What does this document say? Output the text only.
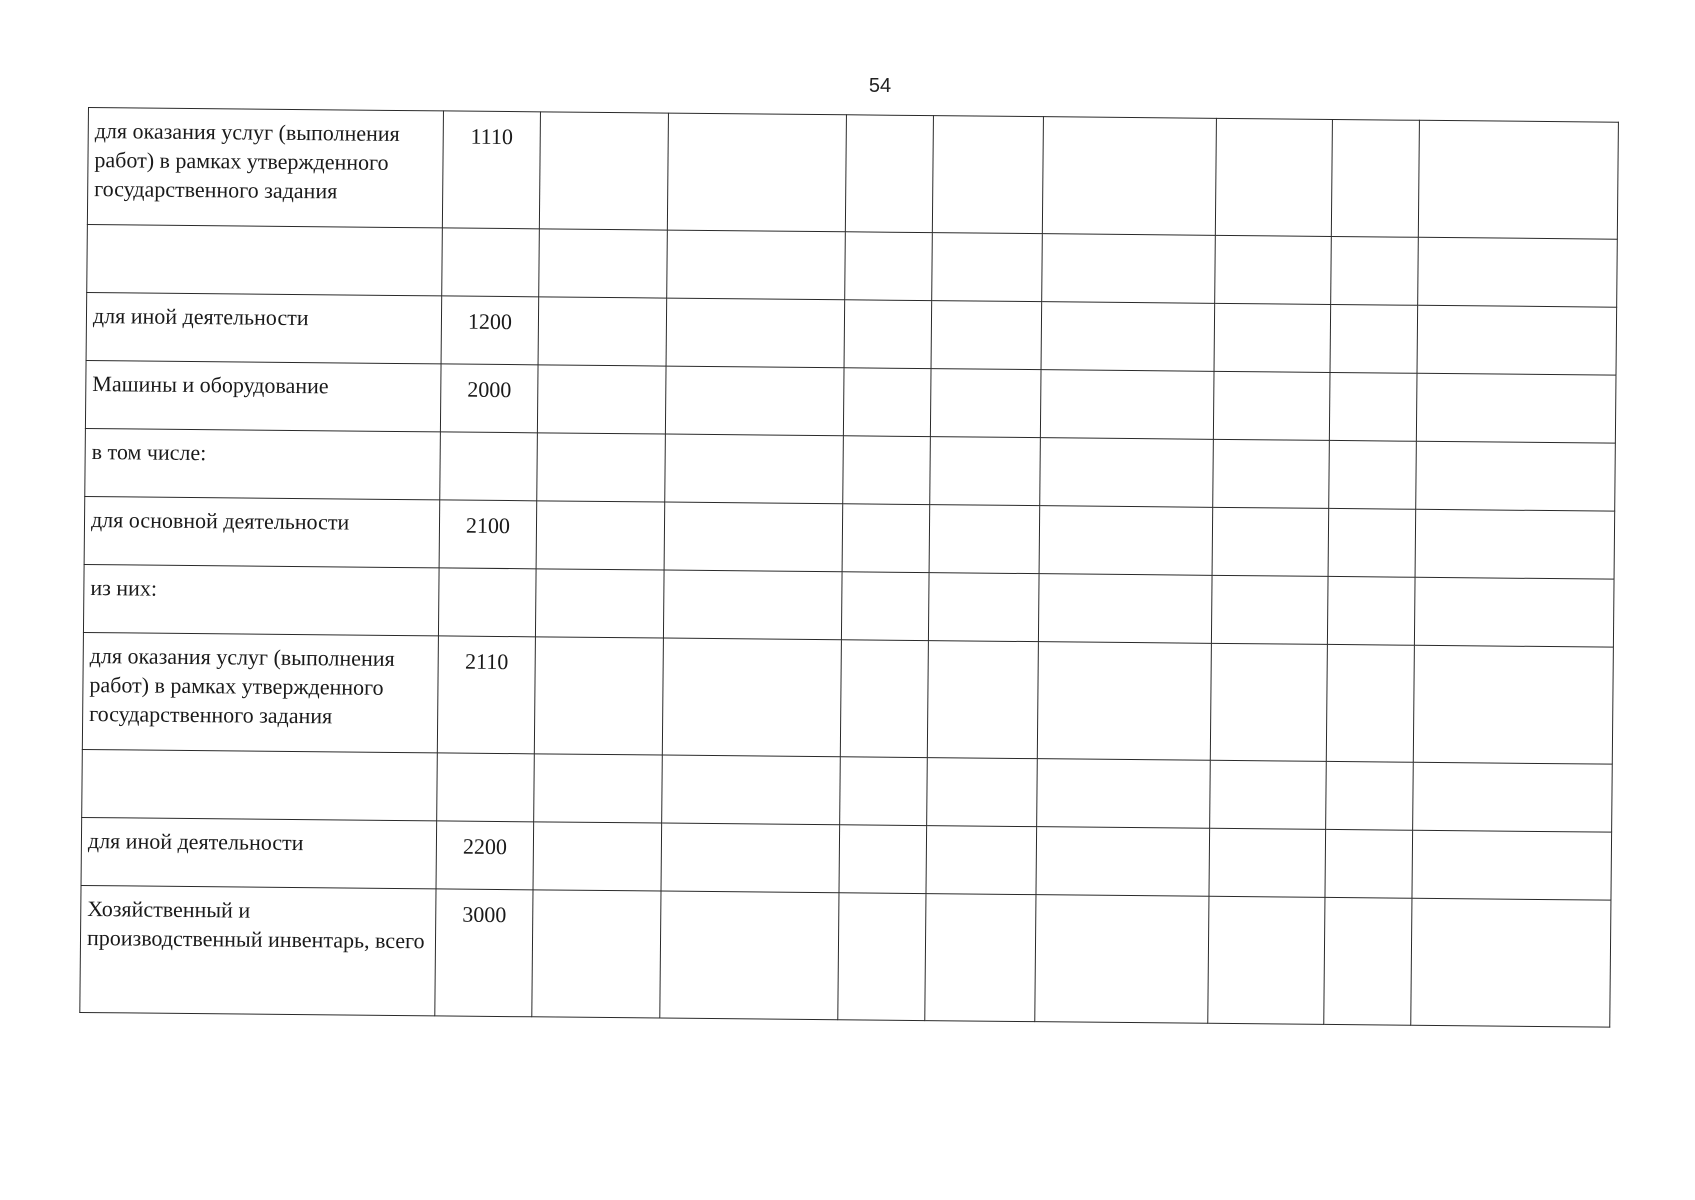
54
для оказания услуг (выполнения работ) в рамках утвержденного государственного задания	1110								

для иной деятельности	1200								
Машины и оборудование	2000								
в том числе:									
для основной деятельности	2100								
из них:									
для оказания услуг (выполнения работ) в рамках утвержденного государственного задания	2110								

для иной деятельности	2200								
Хозяйственный и производственный инвентарь, всего	3000								
